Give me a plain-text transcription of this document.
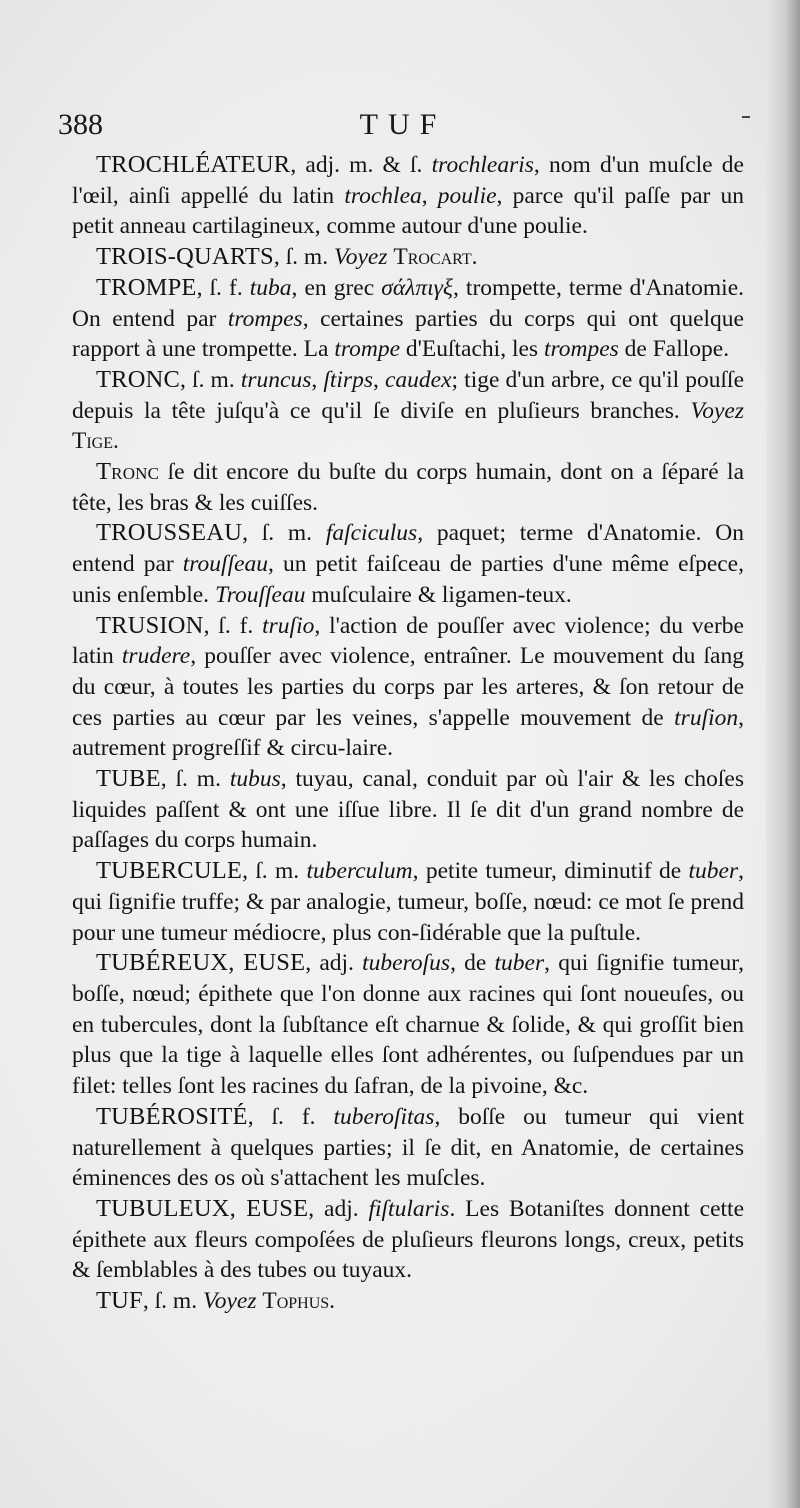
388	TUF

TROCHLÉATEUR, adj. m. & ſ. trochlearis, nom d'un muſcle de l'œil, ainſi appellé du latin trochlea, poulie, parce qu'il paſſe par un petit anneau cartilagineux, comme autour d'une poulie.

TROIS-QUARTS, ſ. m. Voyez Trocart.

TROMPE, ſ. f. tuba, en grec σάλπιγξ, trompette, terme d'Anatomie. On entend par trompes, certaines parties du corps qui ont quelque rapport à une trompette. La trompe d'Euſtachi, les trompes de Fallope.

TRONC, ſ. m. truncus, ſtirps, caudex; tige d'un arbre, ce qu'il pouſſe depuis la tête juſqu'à ce qu'il ſe diviſe en pluſieurs branches. Voyez Tige.

Tronc ſe dit encore du buſte du corps humain, dont on a ſéparé la tête, les bras & les cuiſſes.

TROUSSEAU, ſ. m. faſciculus, paquet; terme d'Anatomie. On entend par trouſſeau, un petit faiſceau de parties d'une même eſpece, unis enſemble. Trouſſeau muſculaire & ligamen-teux.

TRUSION, ſ. f. truſio, l'action de pouſſer avec violence; du verbe latin trudere, pouſſer avec violence, entraîner. Le mouvement du ſang du cœur, à toutes les parties du corps par les arteres, & ſon retour de ces parties au cœur par les veines, s'appelle mouvement de truſion, autrement progreſſif & circu-laire.

TUBE, ſ. m. tubus, tuyau, canal, conduit par où l'air & les choſes liquides paſſent & ont une iſſue libre. Il ſe dit d'un grand nombre de paſſages du corps humain.

TUBERCULE, ſ. m. tuberculum, petite tumeur, diminutif de tuber, qui ſignifie truffe; & par analogie, tumeur, boſſe, nœud: ce mot ſe prend pour une tumeur médiocre, plus con-ſidérable que la puſtule.

TUBÉREUX, EUSE, adj. tuberoſus, de tuber, qui ſignifie tumeur, boſſe, nœud; épithete que l'on donne aux racines qui ſont noueuſes, ou en tubercules, dont la ſubſtance eſt charnue & ſolide, & qui groſſit bien plus que la tige à laquelle elles ſont adhérentes, ou ſuſpendues par un filet: telles ſont les racines du ſafran, de la pivoine, &c.

TUBÉROSITÉ, ſ. f. tuberoſitas, boſſe ou tumeur qui vient naturellement à quelques parties; il ſe dit, en Anatomie, de certaines éminences des os où s'attachent les muſcles.

TUBULEUX, EUSE, adj. fiſtularis. Les Botaniſtes donnent cette épithete aux fleurs compoſées de pluſieurs fleurons longs, creux, petits & ſemblables à des tubes ou tuyaux.

TUF, ſ. m. Voyez Tophus.
